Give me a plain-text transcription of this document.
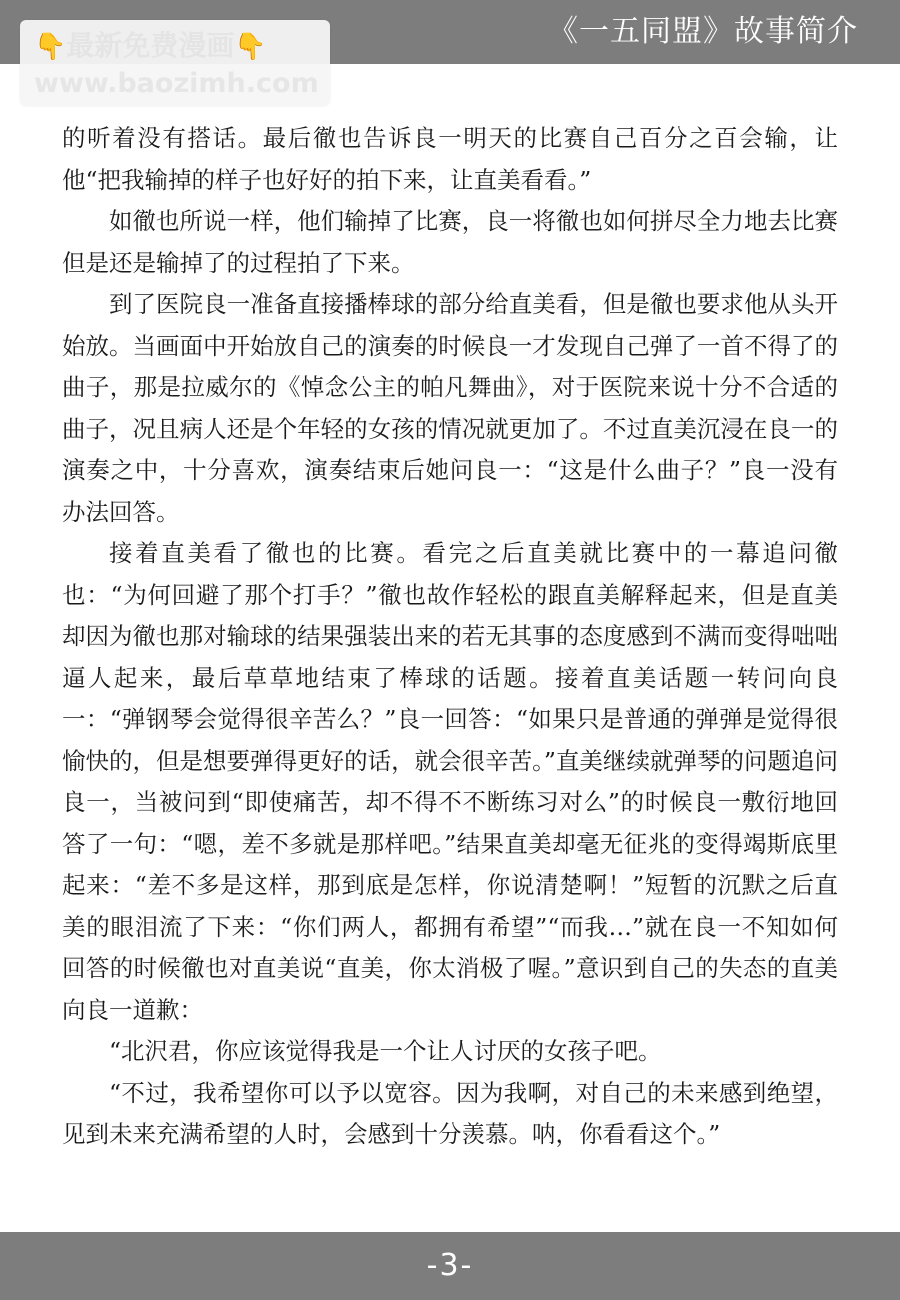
《一五同盟》故事简介
👇最新免费漫画👇
www.baozimh.com

的听着没有搭话。最后徹也告诉良一明天的比赛自己百分之百会输，让他“把我输掉的样子也好好的拍下来，让直美看看。”

如徹也所说一样，他们输掉了比赛，良一将徹也如何拼尽全力地去比赛但是还是输掉了的过程拍了下来。

到了医院良一准备直接播棒球的部分给直美看，但是徹也要求他从头开始放。当画面中开始放自己的演奏的时候良一才发现自己弹了一首不得了的曲子，那是拉威尔的《悼念公主的帕凡舞曲》，对于医院来说十分不合适的曲子，况且病人还是个年轻的女孩的情况就更加了。不过直美沉浸在良一的演奏之中，十分喜欢，演奏结束后她问良一：“这是什么曲子？”良一没有办法回答。

接着直美看了徹也的比赛。看完之后直美就比赛中的一幕追问徹也：“为何回避了那个打手？”徹也故作轻松的跟直美解释起来，但是直美却因为徹也那对输球的结果强装出来的若无其事的态度感到不满而变得咄咄逼人起来，最后草草地结束了棒球的话题。接着直美话题一转问向良一：“弹钢琴会觉得很辛苦么？”良一回答：“如果只是普通的弹弹是觉得很愉快的，但是想要弹得更好的话，就会很辛苦。”直美继续就弹琴的问题追问良一，当被问到“即使痛苦，却不得不不断练习对么”的时候良一敷衍地回答了一句：“嗯，差不多就是那样吧。”结果直美却毫无征兆的变得竭斯底里起来：“差不多是这样，那到底是怎样，你说清楚啊！”短暂的沉默之后直美的眼泪流了下来：“你们两人，都拥有希望”“而我…”就在良一不知如何回答的时候徹也对直美说“直美，你太消极了喔。”意识到自己的失态的直美向良一道歉：

“北沢君，你应该觉得我是一个让人讨厌的女孩子吧。

“不过，我希望你可以予以宽容。因为我啊，对自己的未来感到绝望，见到未来充满希望的人时，会感到十分羡慕。呐，你看看这个。”

-3-
